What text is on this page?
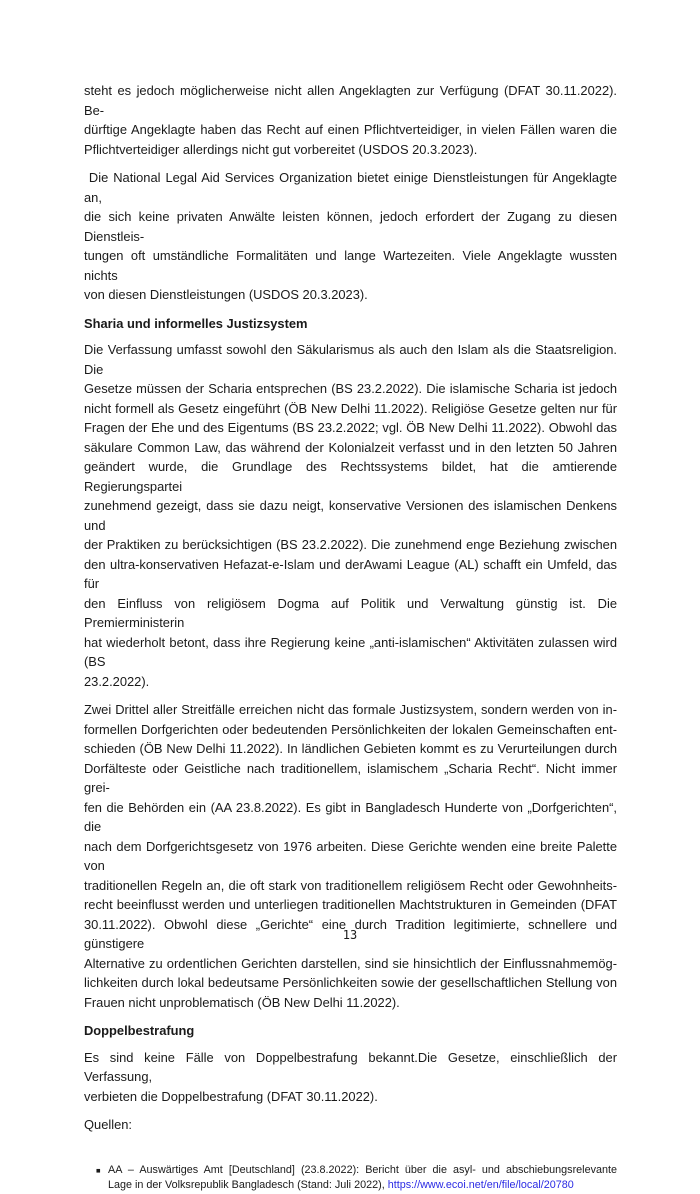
steht es jedoch möglicherweise nicht allen Angeklagten zur Verfügung (DFAT 30.11.2022). Be-
dürftige Angeklagte haben das Recht auf einen Pflichtverteidiger, in vielen Fällen waren die
Pflichtverteidiger allerdings nicht gut vorbereitet (USDOS 20.3.2023).
Die National Legal Aid Services Organization bietet einige Dienstleistungen für Angeklagte an,
die sich keine privaten Anwälte leisten können, jedoch erfordert der Zugang zu diesen Dienstleis-
tungen oft umständliche Formalitäten und lange Wartezeiten. Viele Angeklagte wussten nichts
von diesen Dienstleistungen (USDOS 20.3.2023).
Sharia und informelles Justizsystem
Die Verfassung umfasst sowohl den Säkularismus als auch den Islam als die Staatsreligion. Die
Gesetze müssen der Scharia entsprechen (BS 23.2.2022). Die islamische Scharia ist jedoch
nicht formell als Gesetz eingeführt (ÖB New Delhi 11.2022). Religiöse Gesetze gelten nur für
Fragen der Ehe und des Eigentums (BS 23.2.2022; vgl. ÖB New Delhi 11.2022). Obwohl das
säkulare Common Law, das während der Kolonialzeit verfasst und in den letzten 50 Jahren
geändert wurde, die Grundlage des Rechtssystems bildet, hat die amtierende Regierungspartei
zunehmend gezeigt, dass sie dazu neigt, konservative Versionen des islamischen Denkens und
der Praktiken zu berücksichtigen (BS 23.2.2022). Die zunehmend enge Beziehung zwischen
den ultra-konservativen Hefazat-e-Islam und derAwami League (AL) schafft ein Umfeld, das für
den Einfluss von religiösem Dogma auf Politik und Verwaltung günstig ist. Die Premierministerin
hat wiederholt betont, dass ihre Regierung keine „anti-islamischen“ Aktivitäten zulassen wird (BS
23.2.2022).
Zwei Drittel aller Streitfälle erreichen nicht das formale Justizsystem, sondern werden von in-
formellen Dorfgerichten oder bedeutenden Persönlichkeiten der lokalen Gemeinschaften ent-
schieden (ÖB New Delhi 11.2022). In ländlichen Gebieten kommt es zu Verurteilungen durch
Dorfälteste oder Geistliche nach traditionellem, islamischem „Scharia Recht“. Nicht immer grei-
fen die Behörden ein (AA 23.8.2022). Es gibt in Bangladesch Hunderte von „Dorfgerichten“, die
nach dem Dorfgerichtsgesetz von 1976 arbeiten. Diese Gerichte wenden eine breite Palette von
traditionellen Regeln an, die oft stark von traditionellem religiösem Recht oder Gewohnheits-
recht beeinflusst werden und unterliegen traditionellen Machtstrukturen in Gemeinden (DFAT
30.11.2022). Obwohl diese „Gerichte“ eine durch Tradition legitimierte, schnellere und günstigere
Alternative zu ordentlichen Gerichten darstellen, sind sie hinsichtlich der Einflussnahmemög-
lichkeiten durch lokal bedeutsame Persönlichkeiten sowie der gesellschaftlichen Stellung von
Frauen nicht unproblematisch (ÖB New Delhi 11.2022).
Doppelbestrafung
Es sind keine Fälle von Doppelbestrafung bekannt.Die Gesetze, einschließlich der Verfassung,
verbieten die Doppelbestrafung (DFAT 30.11.2022).
Quellen:
■ AA – Auswärtiges Amt [Deutschland] (23.8.2022): Bericht über die asyl- und abschiebungsrelevante
Lage in der Volksrepublik Bangladesch (Stand: Juli 2022), https://www.ecoi.net/en/file/local/20780
13
